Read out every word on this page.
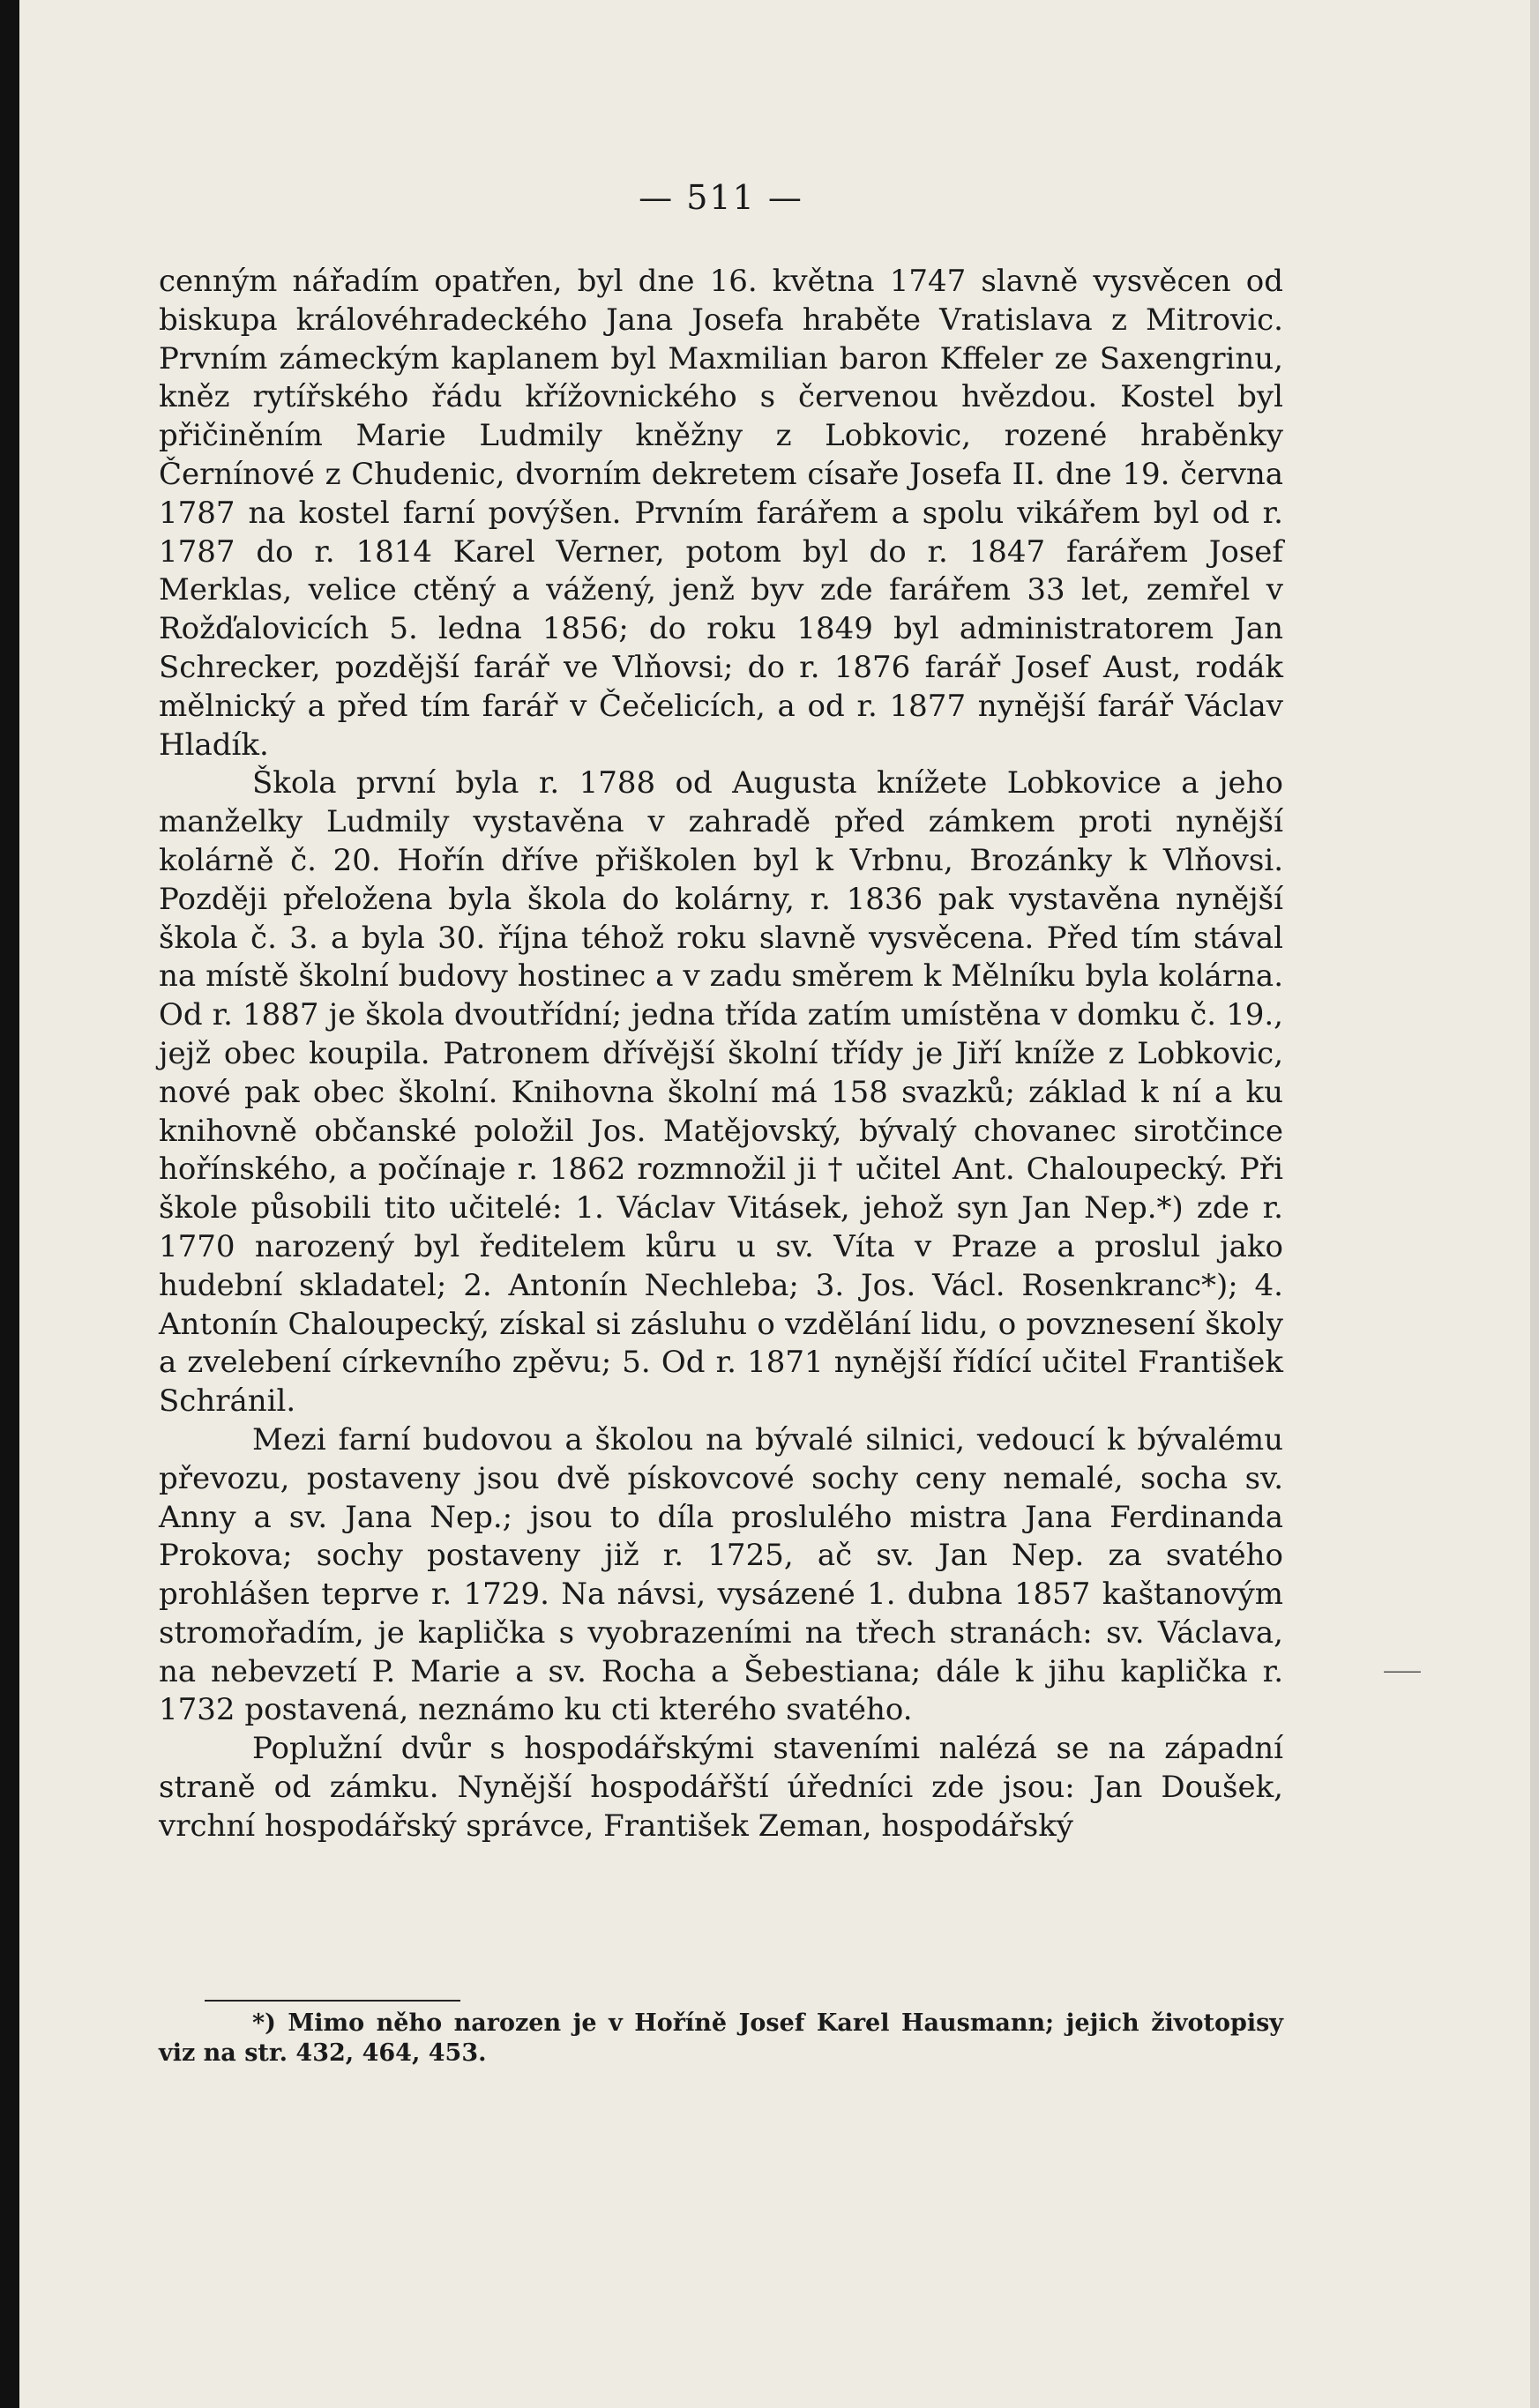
— 511 —

cenným nářadím opatřen, byl dne 16. května 1747 slavně vysvěcen od biskupa královéhradeckého Jana Josefa hraběte Vratislava z Mitrovic. Prvním zámeckým kaplanem byl Maxmilian baron Kffeler ze Saxengrinu, kněz rytířského řádu křížovnického s červenou hvězdou. Kostel byl přičiněním Marie Ludmily kněžny z Lobkovic, rozené hraběnky Černínové z Chudenic, dvorním dekretem císaře Josefa II. dne 19. června 1787 na kostel farní povýšen. Prvním farářem a spolu vikářem byl od r. 1787 do r. 1814 Karel Verner, potom byl do r. 1847 farářem Josef Merklas, velice ctěný a vážený, jenž byv zde farářem 33 let, zemřel v Rožďalovicích 5. ledna 1856; do roku 1849 byl administratorem Jan Schrecker, pozdější farář ve Vlňovsi; do r. 1876 farář Josef Aust, rodák mělnický a před tím farář v Čečelicích, a od r. 1877 nynější farář Václav Hladík.

Škola první byla r. 1788 od Augusta knížete Lobkovice a jeho manželky Ludmily vystavěna v zahradě před zámkem proti nynější kolárně č. 20. Hořín dříve přiškolen byl k Vrbnu, Brozánky k Vlňovsi. Později přeložena byla škola do kolárny, r. 1836 pak vystavěna nynější škola č. 3. a byla 30. října téhož roku slavně vysvěcena. Před tím stával na místě školní budovy hostinec a v zadu směrem k Mělníku byla kolárna. Od r. 1887 je škola dvoutřídní; jedna třída zatím umístěna v domku č. 19., jejž obec koupila. Patronem dřívější školní třídy je Jiří kníže z Lobkovic, nové pak obec školní. Knihovna školní má 158 svazků; základ k ní a ku knihovně občanské položil Jos. Matějovský, bývalý chovanec sirotčince hořínského, a počínaje r. 1862 rozmnožil ji † učitel Ant. Chaloupecký. Při škole působili tito učitelé: 1. Václav Vitásek, jehož syn Jan Nep.*) zde r. 1770 narozený byl ředitelem kůru u sv. Víta v Praze a proslul jako hudební skladatel; 2. Antonín Nechleba; 3. Jos. Václ. Rosenkranc*); 4. Antonín Chaloupecký, získal si zásluhu o vzdělání lidu, o povznesení školy a zvelebení církevního zpěvu; 5. Od r. 1871 nynější řídící učitel František Schránil.

Mezi farní budovou a školou na bývalé silnici, vedoucí k bývalému převozu, postaveny jsou dvě pískovcové sochy ceny nemalé, socha sv. Anny a sv. Jana Nep.; jsou to díla proslulého mistra Jana Ferdinanda Prokova; sochy postaveny již r. 1725, ač sv. Jan Nep. za svatého prohlášen teprve r. 1729. Na návsi, vysázené 1. dubna 1857 kaštanovým stromořadím, je kaplička s vyobrazeními na třech stranách: sv. Václava, na nebevzetí P. Marie a sv. Rocha a Šebestiana; dále k jihu kaplička r. 1732 postavená, neznámo ku cti kterého svatého.

Poplužní dvůr s hospodářskými staveními nalézá se na západní straně od zámku. Nynější hospodářští úředníci zde jsou: Jan Doušek, vrchní hospodářský správce, František Zeman, hospodářský

*) Mimo něho narozen je v Hoříně Josef Karel Hausmann; jejich životopisy viz na str. 432, 464, 453.
⸺
